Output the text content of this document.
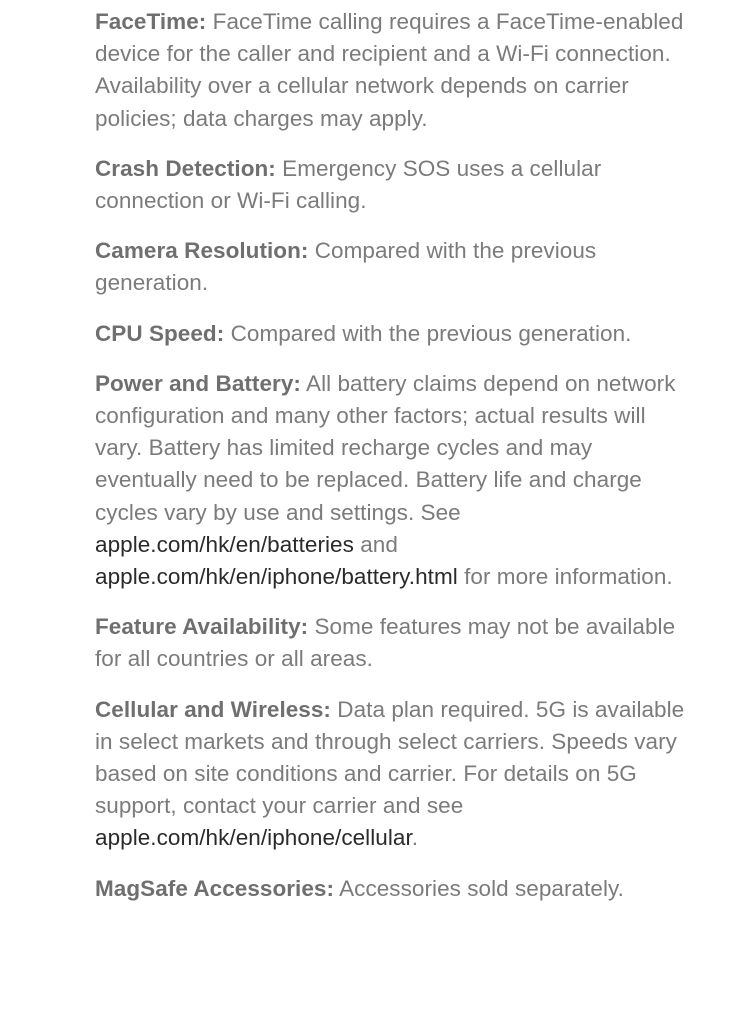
FaceTime: FaceTime calling requires a FaceTime-enabled device for the caller and recipient and a Wi-Fi connection. Availability over a cellular network depends on carrier policies; data charges may apply.

Crash Detection: Emergency SOS uses a cellular connection or Wi-Fi calling.

Camera Resolution: Compared with the previous generation.

CPU Speed: Compared with the previous generation.

Power and Battery: All battery claims depend on network configuration and many other factors; actual results will vary. Battery has limited recharge cycles and may eventually need to be replaced. Battery life and charge cycles vary by use and settings. See apple.com/hk/en/batteries and apple.com/hk/en/iphone/battery.html for more information.

Feature Availability: Some features may not be available for all countries or all areas.

Cellular and Wireless: Data plan required. 5G is available in select markets and through select carriers. Speeds vary based on site conditions and carrier. For details on 5G support, contact your carrier and see apple.com/hk/en/iphone/cellular.

MagSafe Accessories: Accessories sold separately.
